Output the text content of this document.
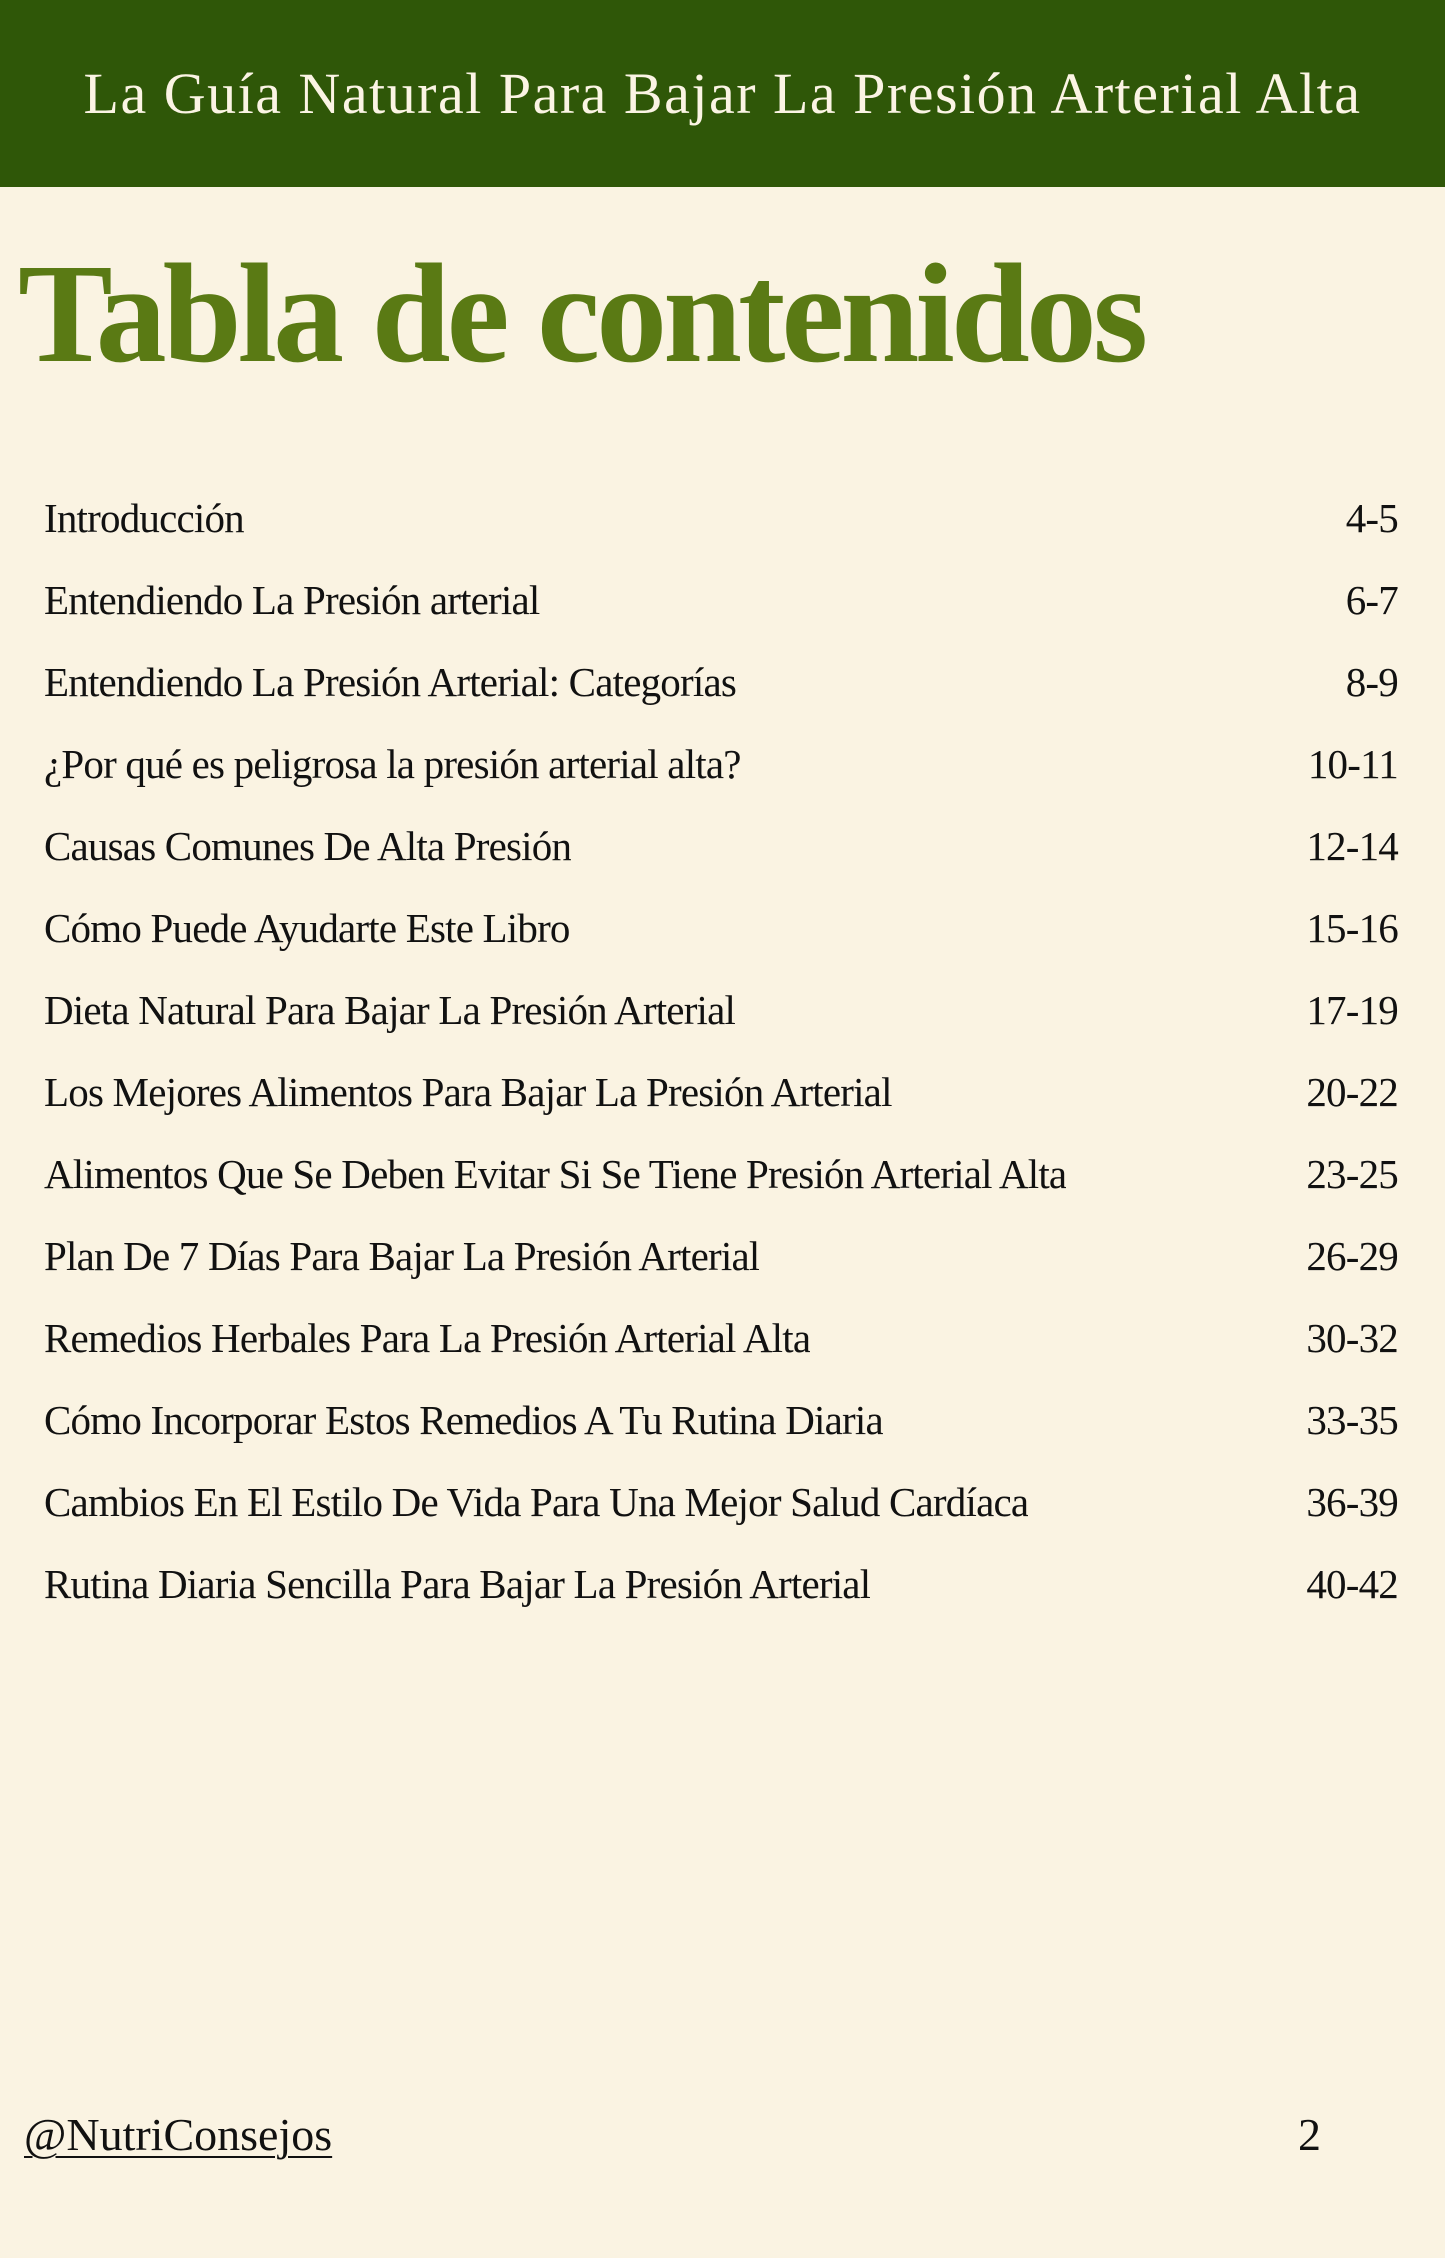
La Guía Natural Para Bajar La Presión Arterial Alta
Tabla de contenidos
Introducción	4-5
Entendiendo La Presión arterial	6-7
Entendiendo La Presión Arterial: Categorías	8-9
¿Por qué es peligrosa la presión arterial alta?	10-11
Causas Comunes De Alta Presión	12-14
Cómo Puede Ayudarte Este Libro	15-16
Dieta Natural Para Bajar La Presión Arterial	17-19
Los Mejores Alimentos Para Bajar La Presión Arterial	20-22
Alimentos Que Se Deben Evitar Si Se Tiene Presión Arterial Alta	23-25
Plan De 7 Días Para Bajar La Presión Arterial	26-29
Remedios Herbales Para La Presión Arterial Alta	30-32
Cómo Incorporar Estos Remedios A Tu Rutina Diaria	33-35
Cambios En El Estilo De Vida Para Una Mejor Salud Cardíaca	36-39
Rutina Diaria Sencilla Para Bajar La Presión Arterial	40-42
@NutriConsejos	2
